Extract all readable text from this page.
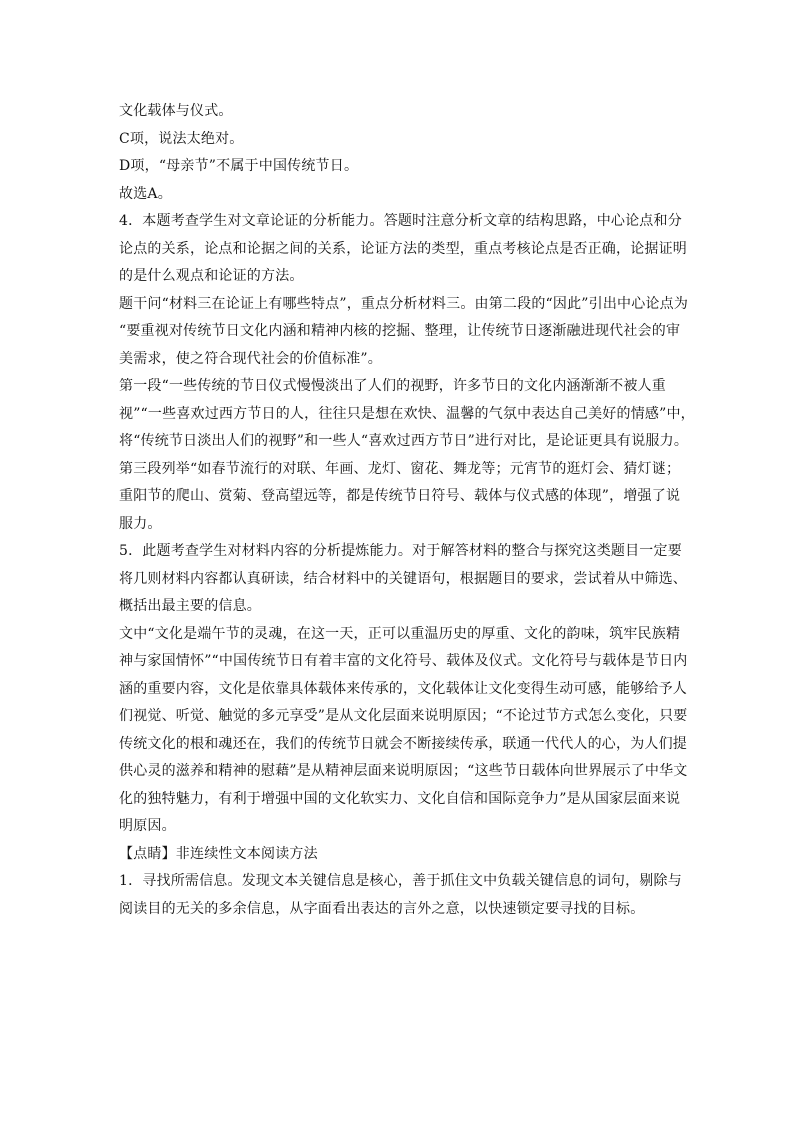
文化载体与仪式。
C项，说法太绝对。
D项，“母亲节”不属于中国传统节日。
故选A。
4．本题考查学生对文章论证的分析能力。答题时注意分析文章的结构思路，中心论点和分
论点的关系，论点和论据之间的关系，论证方法的类型，重点考核论点是否正确，论据证明
的是什么观点和论证的方法。
题干问“材料三在论证上有哪些特点”，重点分析材料三。由第二段的“因此”引出中心论点为
“要重视对传统节日文化内涵和精神内核的挖掘、整理，让传统节日逐渐融进现代社会的审
美需求，使之符合现代社会的价值标准”。
第一段“一些传统的节日仪式慢慢淡出了人们的视野，许多节日的文化内涵渐渐不被人重
视”“一些喜欢过西方节日的人，往往只是想在欢快、温馨的气氛中表达自己美好的情感”中，
将“传统节日淡出人们的视野”和一些人“喜欢过西方节日”进行对比，是论证更具有说服力。
第三段列举“如春节流行的对联、年画、龙灯、窗花、舞龙等；元宵节的逛灯会、猜灯谜；
重阳节的爬山、赏菊、登高望远等，都是传统节日符号、载体与仪式感的体现”，增强了说
服力。
5．此题考查学生对材料内容的分析提炼能力。对于解答材料的整合与探究这类题目一定要
将几则材料内容都认真研读，结合材料中的关键语句，根据题目的要求，尝试着从中筛选、
概括出最主要的信息。
文中“文化是端午节的灵魂，在这一天，正可以重温历史的厚重、文化的韵味，筑牢民族精
神与家国情怀”“中国传统节日有着丰富的文化符号、载体及仪式。文化符号与载体是节日内
涵的重要内容，文化是依靠具体载体来传承的，文化载体让文化变得生动可感，能够给予人
们视觉、听觉、触觉的多元享受”是从文化层面来说明原因；“不论过节方式怎么变化，只要
传统文化的根和魂还在，我们的传统节日就会不断接续传承，联通一代代人的心，为人们提
供心灵的滋养和精神的慰藉”是从精神层面来说明原因；“这些节日载体向世界展示了中华文
化的独特魅力，有利于增强中国的文化软实力、文化自信和国际竞争力”是从国家层面来说
明原因。
【点睛】非连续性文本阅读方法
1．寻找所需信息。发现文本关键信息是核心，善于抓住文中负载关键信息的词句，剔除与
阅读目的无关的多余信息，从字面看出表达的言外之意，以快速锁定要寻找的目标。
